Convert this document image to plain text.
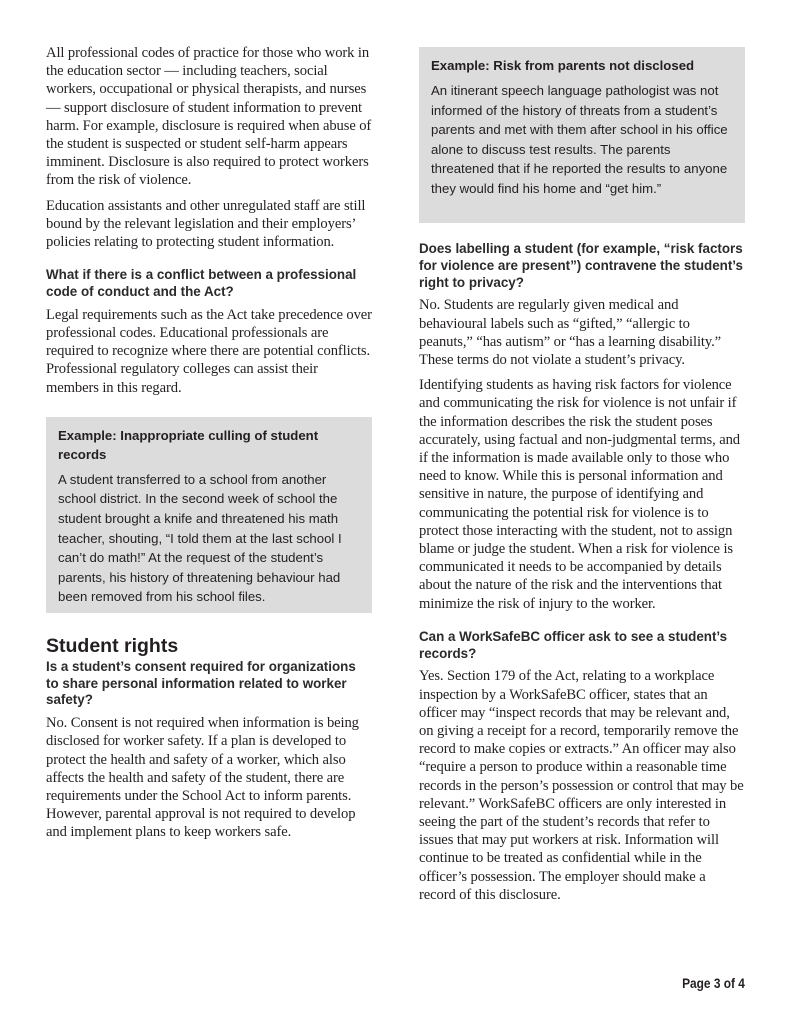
All professional codes of practice for those who work in the education sector — including teachers, social workers, occupational or physical therapists, and nurses — support disclosure of student information to prevent harm. For example, disclosure is required when abuse of the student is suspected or student self-harm appears imminent. Disclosure is also required to protect workers from the risk of violence.

Education assistants and other unregulated staff are still bound by the relevant legislation and their employers’ policies relating to protecting student information.

What if there is a conflict between a professional code of conduct and the Act?

Legal requirements such as the Act take precedence over professional codes. Educational professionals are required to recognize where there are potential conflicts. Professional regulatory colleges can assist their members in this regard.

Example: Inappropriate culling of student records

A student transferred to a school from another school district. In the second week of school the student brought a knife and threatened his math teacher, shouting, “I told them at the last school I can’t do math!” At the request of the student’s parents, his history of threatening behaviour had been removed from his school files.

Student rights
Is a student’s consent required for organizations to share personal information related to worker safety?

No. Consent is not required when information is being disclosed for worker safety. If a plan is developed to protect the health and safety of a worker, which also affects the health and safety of the student, there are requirements under the School Act to inform parents. However, parental approval is not required to develop and implement plans to keep workers safe.

Example: Risk from parents not disclosed

An itinerant speech language pathologist was not informed of the history of threats from a student’s parents and met with them after school in his office alone to discuss test results. The parents threatened that if he reported the results to anyone they would find his home and “get him.”

Does labelling a student (for example, “risk factors for violence are present”) contravene the student’s right to privacy?

No. Students are regularly given medical and behavioural labels such as “gifted,” “allergic to peanuts,” “has autism” or “has a learning disability.” These terms do not violate a student’s privacy.

Identifying students as having risk factors for violence and communicating the risk for violence is not unfair if the information describes the risk the student poses accurately, using factual and non-judgmental terms, and if the information is made available only to those who need to know. While this is personal information and sensitive in nature, the purpose of identifying and communicating the potential risk for violence is to protect those interacting with the student, not to assign blame or judge the student. When a risk for violence is communicated it needs to be accompanied by details about the nature of the risk and the interventions that minimize the risk of injury to the worker.

Can a WorkSafeBC officer ask to see a student’s records?

Yes. Section 179 of the Act, relating to a workplace inspection by a WorkSafeBC officer, states that an officer may “inspect records that may be relevant and, on giving a receipt for a record, temporarily remove the record to make copies or extracts.” An officer may also “require a person to produce within a reasonable time records in the person’s possession or control that may be relevant.” WorkSafeBC officers are only interested in seeing the part of the student’s records that refer to issues that may put workers at risk. Information will continue to be treated as confidential while in the officer’s possession. The employer should make a record of this disclosure.

Page 3 of 4
